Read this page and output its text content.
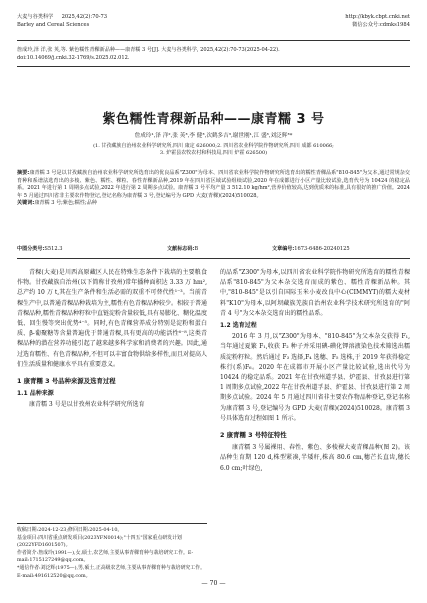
大麦与谷类科学 2025,42(2):70-73
Barley and Cereal Sciences
http://kbyk.cbpt.cnki.net
微信公众号:cdmks1984
詹成玲,泽 洋,张 英,等. 紫色糯性青稞新品种——康青糯 3 号[J]. 大麦与谷类科学, 2025,42(2):70-73(2025-04-22).
doi:10.14069/j.cnki.32-1769/s.2025.02.012.
紫色糯性青稞新品种——康青糯 3 号
詹成玲¹,泽 洋²,张 英³,李 健³,次鹤多吉³,谢世刚¹,江 盛³,刘泛辉³*
(1. 甘孜藏族自治州农业科学研究所,四川 康定 626000;2. 四川省农业科学院作物研究所,四川 成都 610066;
3. 炉霍县农牧农村和科技局,四川 炉霍 626500)
摘要:康青糯 3 号是以甘孜藏族自治州农业科学研究所选育出的优良品系"Z300"为母本、四川省农业科学院作物研究所选育出的糯性青稞品系"810-845"为父本,通过常规杂交育种和系谱法选育出的多棱、紫色、糯性、裸粒、春性青稞新品种,2019 年在四川省区域试验组续试验,2020 年在成都进行小区产量比较试验,选育代号为 10424 的稳定品系。2021 年进行第 1 周期多点试验,2022 年进行第 2 周期多点试验。康青糯 3 号平均产量 3 512.10 kg/hm²,营养价值较高,达到优质米的标准,具有很好的推广价值。2024 年 5 月通过四川省非主要农作物登记,登记名称为康青糯 3 号,登记编号为 GPD 大麦(青稞)(2024)510028。
关键词:康青糯 3 号;紫色;糯性;品种
中图分类号:S512.3	文献标志码:B	文章编号:1673-6486-20240125

青稞(大麦)是川西高原藏区人民在特殊生态条件下栽培的主要粮食作物。甘孜藏族自治州(以下简称甘孜州)常年播种面积达 3.33 万 hm²,总产约 10 万 t,其在生产条件和生活必需的双重不可替代性¹⁻³。当前青稞生产中,以普通青稞品种栽培为主,糯性有色青稞品种较少。相较于普通青稞品种,糯性青稞品种籽粒中直链淀粉含量较低,具有易膨化、糊化温度低、回生慢等突出优势⁴⁻⁵。同时,有色青稞营养成分特别是淀粉和蛋白质、β-葡聚糖等含量普遍优于普通青稞,具有更高的功能活性⁶⁻⁸,这类青稞品种的潜在营养功能引起了越来越多科学家和消费者的兴趣。因此,通过选育糯性、有色青稞品种,不但可以丰富食物供给多样性,而且对提高人们生活质量和健康水平具有重要意义。

1 康青糯 3 号品种来源及选育过程
1.1 品种来源

康青糯 3 号是以甘孜州农业科学研究所选育

的品系"Z300"为母本,以四川省农业科学院作物研究所选育的糯性青稞品系"810-845"为父本杂交选育而成的紫色、糯性青稞新品种。其中,"810-845"是以引自国际玉米小麦改良中心(CIMMYT)的糯大麦材料"K10"为母本,以阿坝藏族羌族自治州农业科学技术研究所选育的"阿青 4 号"为父本杂交选育出的糯性品系。

1.2 选育过程

2016 年 3 月,以"Z300"为母本、"810-845"为父本杂交获得 F₁,当年通过夏繁 F₁,收获 F₂ 种子并采用碘-碘化钾溶液染色技术筛选出糯质淀粉籽粒。然后通过 F₃ 选择,F₄ 选穗、F₅ 选株,于 2019 年获得稳定株行(系)F₆。2020 年在成都市开展小区产量比较试验,选出代号为 10424 的稳定品系。2021 年在甘孜州道孚县、炉霍县、甘孜县进行第 1 周期多点试验,2022 年在甘孜州道孚县、炉霍县、甘孜县进行第 2 周期多点试验。2024 年 5 月通过四川省非主要农作物品种登记,登记名称为康青糯 3 号,登记编号为 GPD 大麦(青稞)(2024)510028。康青糯 3 号具体选育过程如图 1 所示。

2 康青糯 3 号特征特性

康青糯 3 号属裸用、春性、紫色、多棱裸大麦青稞品种(图 2)。该品种生育期 120 d,株型紧凑,半矮秆,株高 80.6 cm,穗芒长直齿,穗长 6.0 cm;叶绿色,

收稿日期:2024-12-23;修回日期:2025-04-10。
基金项目:四川省重点研发项目(2023YFN0014);"十四五"国家重点研发计划(2022YFD1601507)。
作者简介:詹成玲(1991—),女,硕士,农艺师,主要从事青稞育种与栽培研究工作。E-mail:1715127249@qq.com。
*通信作者:刘泛辉(1975—),男,硕士,正高级农艺师,主要从事青稞育种与栽培研究工作。E-mail:491612520@qq.com。
— 70 —
